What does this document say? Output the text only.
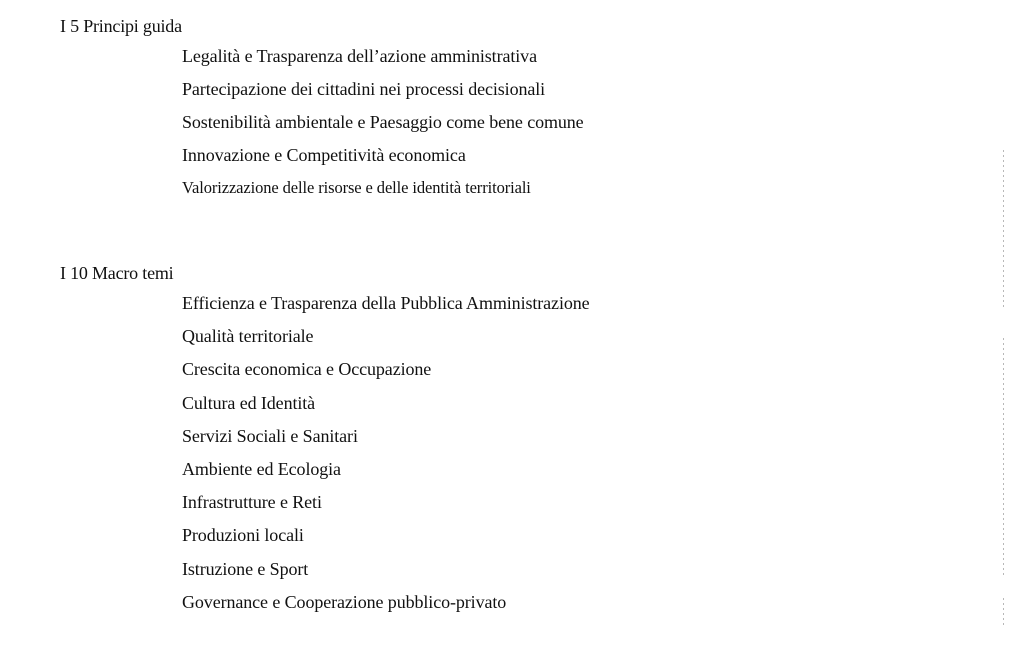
I 5 Principi guida
Legalità e Trasparenza dell’azione amministrativa
Partecipazione dei cittadini nei processi decisionali
Sostenibilità ambientale e Paesaggio come bene comune
Innovazione e Competitività economica
Valorizzazione delle risorse e delle identità territoriali
I 10 Macro temi
Efficienza e Trasparenza della Pubblica Amministrazione
Qualità territoriale
Crescita economica e Occupazione
Cultura ed Identità
Servizi Sociali e Sanitari
Ambiente ed Ecologia
Infrastrutture e Reti
Produzioni locali
Istruzione e Sport
Governance e Cooperazione pubblico-privato
